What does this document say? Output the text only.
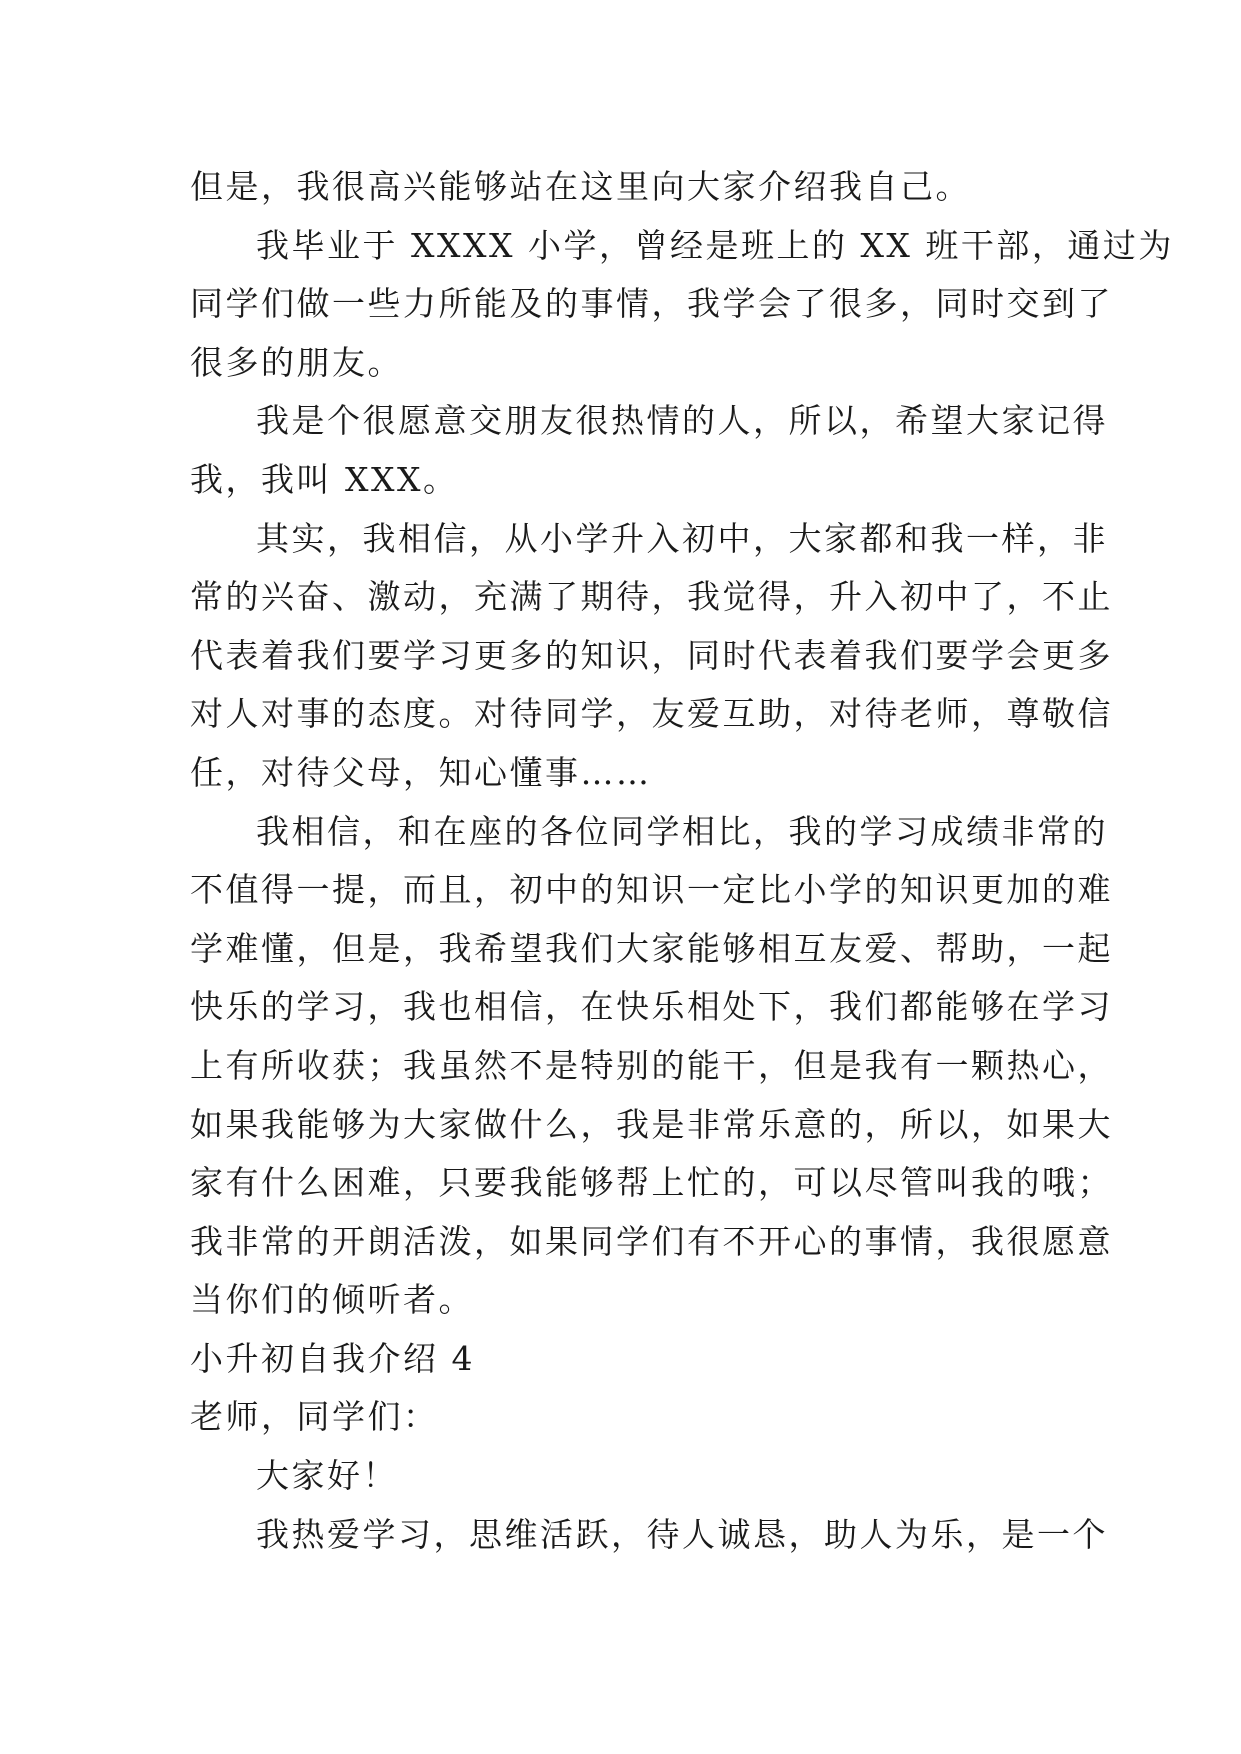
但是，我很高兴能够站在这里向大家介绍我自己。
我毕业于 XXXX 小学，曾经是班上的 XX 班干部，通过为
同学们做一些力所能及的事情，我学会了很多，同时交到了
很多的朋友。
我是个很愿意交朋友很热情的人，所以，希望大家记得
我，我叫 XXX。
其实，我相信，从小学升入初中，大家都和我一样，非
常的兴奋、激动，充满了期待，我觉得，升入初中了，不止
代表着我们要学习更多的知识，同时代表着我们要学会更多
对人对事的态度。对待同学，友爱互助，对待老师，尊敬信
任，对待父母，知心懂事……
我相信，和在座的各位同学相比，我的学习成绩非常的
不值得一提，而且，初中的知识一定比小学的知识更加的难
学难懂，但是，我希望我们大家能够相互友爱、帮助，一起
快乐的学习，我也相信，在快乐相处下，我们都能够在学习
上有所收获；我虽然不是特别的能干，但是我有一颗热心，
如果我能够为大家做什么，我是非常乐意的，所以，如果大
家有什么困难，只要我能够帮上忙的，可以尽管叫我的哦；
我非常的开朗活泼，如果同学们有不开心的事情，我很愿意
当你们的倾听者。
小升初自我介绍 4
老师，同学们：
大家好！
我热爱学习，思维活跃，待人诚恳，助人为乐，是一个
